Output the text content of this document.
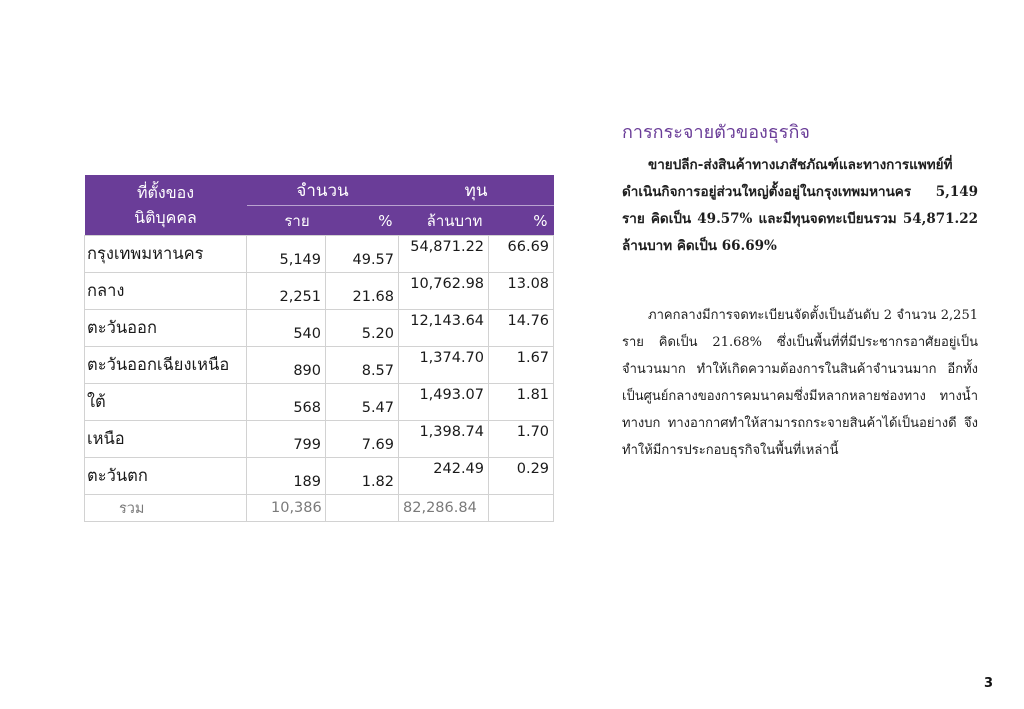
ที่ตั้งของ
นิติบุคคล	จำนวน		ทุน	
	ราย	%	ล้านบาท	%
กรุงเทพมหานคร	5,149	49.57	54,871.22	66.69
กลาง	2,251	21.68	10,762.98	13.08
ตะวันออก	540	5.20	12,143.64	14.76
ตะวันออกเฉียงเหนือ	890	8.57	1,374.70	1.67
ใต้	568	5.47	1,493.07	1.81
เหนือ	799	7.69	1,398.74	1.70
ตะวันตก	189	1.82	242.49	0.29
รวม	10,386		82,286.84	
การกระจายตัวของธุรกิจ

ขายปลีก-ส่งสินค้าทางเภสัชภัณฑ์และทางการแพทย์ที่ดำเนินกิจการอยู่ส่วนใหญ่ตั้งอยู่ในกรุงเทพมหานคร 5,149 ราย คิดเป็น 49.57% และมีทุนจดทะเบียนรวม 54,871.22 ล้านบาท คิดเป็น 66.69%

ภาคกลางมีการจดทะเบียนจัดตั้งเป็นอันดับ 2 จำนวน 2,251 ราย คิดเป็น 21.68% ซึ่งเป็นพื้นที่ที่มีประชากรอาศัยอยู่เป็นจำนวนมาก ทำให้เกิดความต้องการในสินค้าจำนวนมาก อีกทั้งเป็นศูนย์กลางของการคมนาคมซึ่งมีหลากหลายช่องทาง ทางน้ำ ทางบก ทางอากาศทำให้สามารถกระจายสินค้าได้เป็นอย่างดี จึงทำให้มีการประกอบธุรกิจในพื้นที่เหล่านี้

3
